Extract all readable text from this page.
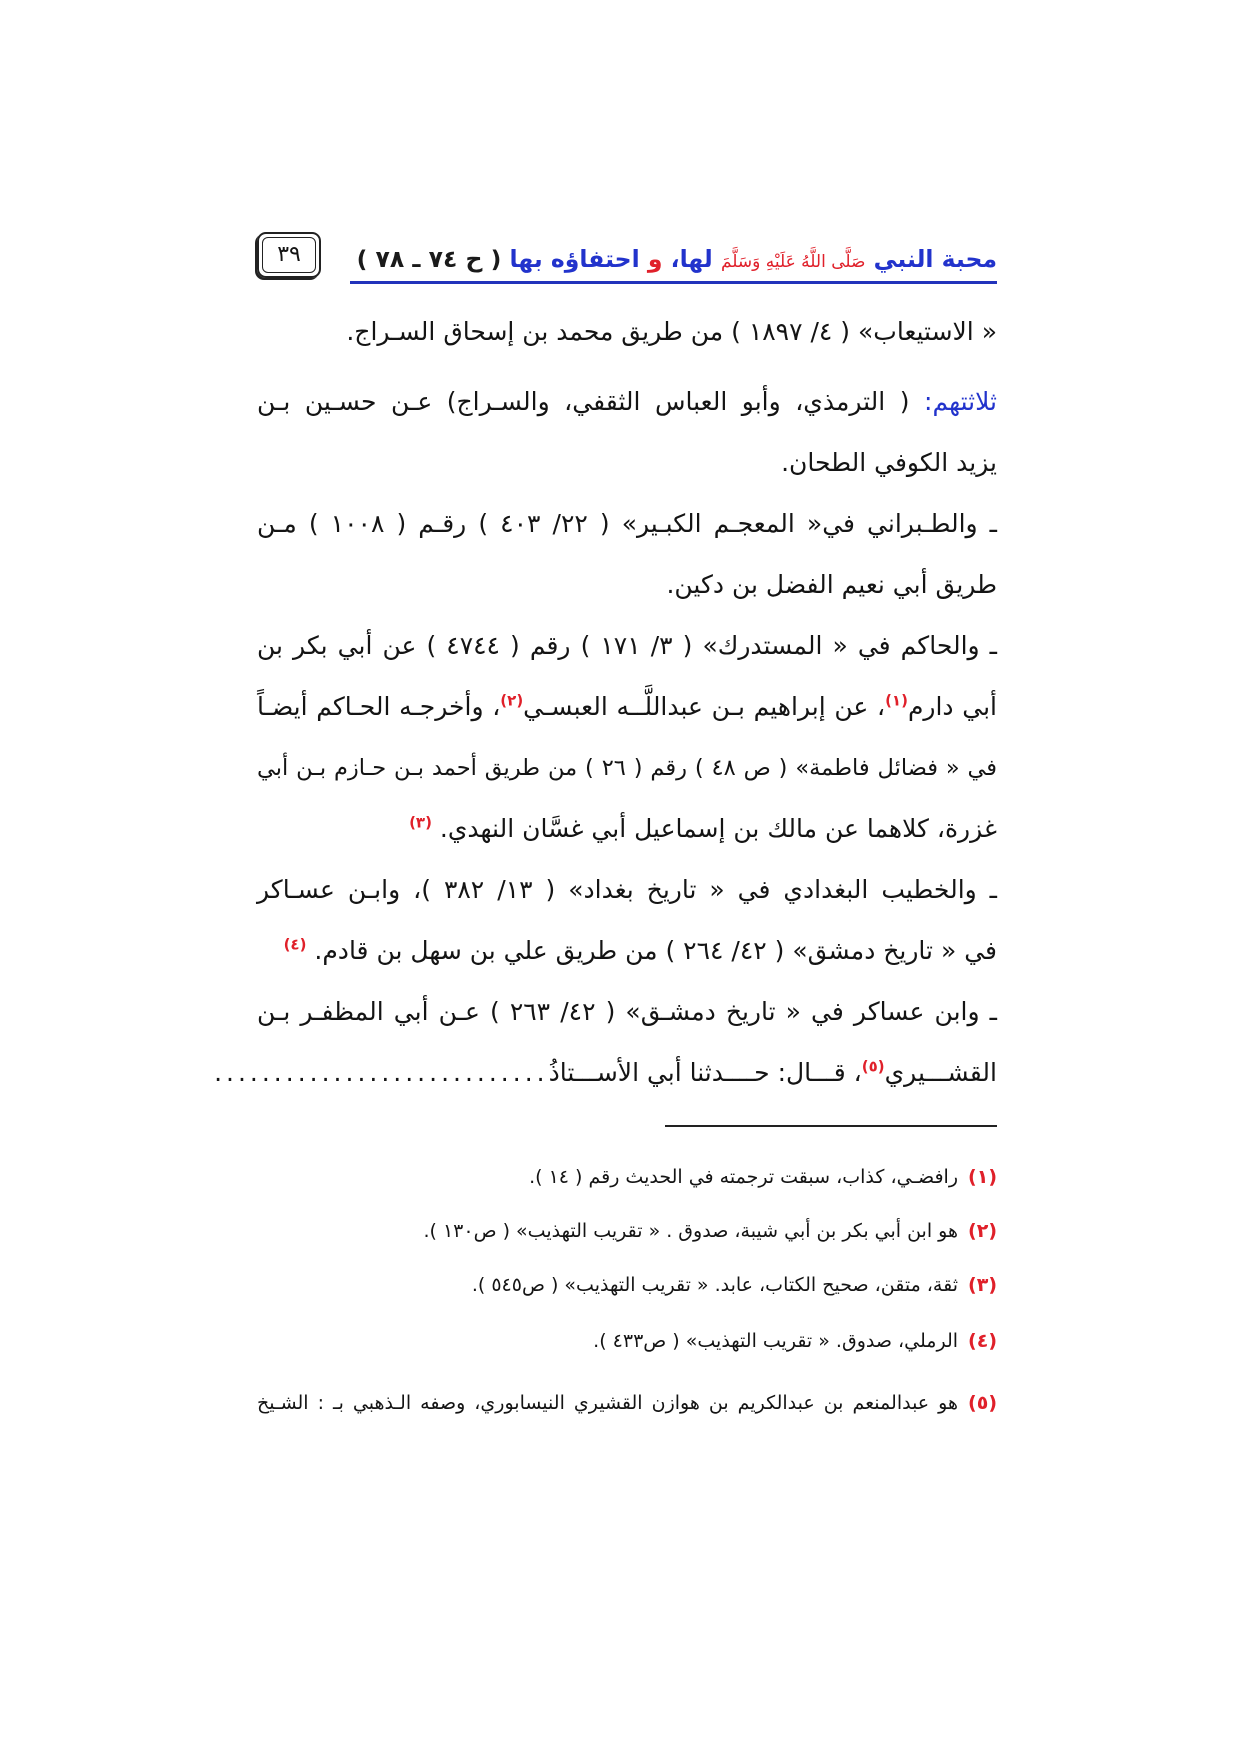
٣٩	محبة النبي صَلَّى اللَّهُ عَلَيْهِ وَسَلَّمَ لها، و احتفاؤه بها ( ح ٧٤ ـ ٧٨ )
« الاستيعاب» ( ٤/ ١٨٩٧ ) من طريق محمد بن إسحاق السـراج.
ثلاثتهم: ( الترمذي، وأبو العباس الثقفي، والسـراج) عـن حسـين بـن
يزيد الكوفي الطحان.
ـ والطـبراني في« المعجـم الكبـير» ( ٢٢/ ٤٠٣ ) رقـم ( ١٠٠٨ ) مـن
طريق أبي نعيم الفضل بن دكين.
ـ والحاكم في « المستدرك» ( ٣/ ١٧١ ) رقم ( ٤٧٤٤ ) عن أبي بكر بن
أبي دارم$^{(١)}$، عن إبراهيم بـن عبداللَّــه العبسـي$^{(٢)}$، وأخرجـه الحـاكم أيضـاً
في « فضائل فاطمة» ( ص ٤٨ ) رقم ( ٢٦ ) من طريق أحمد بـن حـازم بـن أبي
غزرة، كلاهما عن مالك بن إسماعيل أبي غسَّان النهدي. $^{(٣)}$
ـ والخطيب البغدادي في « تاريخ بغداد» ( ١٣/ ٣٨٢ )، وابـن عسـاكر
في « تاريخ دمشق» ( ٤٢/ ٢٦٤ ) من طريق علي بن سهل بن قادم. $^{(٤)}$
ـ وابن عساكر في « تاريخ دمشـق» ( ٤٢/ ٢٦٣ ) عـن أبي المظفـر بـن
القشـــيري$^{(٥)}$، قـــال: حــــدثنا أبي الأســـتاذُ
............................
(١)رافضـي، كذاب، سبقت ترجمته في الحديث رقم ( ١٤ ).
(٢)هو ابن أبي بكر بن أبي شيبة، صدوق . « تقريب التهذيب» ( ص١٣٠ ).
(٣)ثقة، متقن، صحيح الكتاب، عابد. « تقريب التهذيب» ( ص٥٤٥ ).
(٤)الرملي، صدوق. « تقريب التهذيب» ( ص٤٣٣ ).
(٥)هو عبدالمنعم بن عبدالكريم بن هوازن القشيري النيسابوري، وصفه الـذهبي بـ : الشـيخ
